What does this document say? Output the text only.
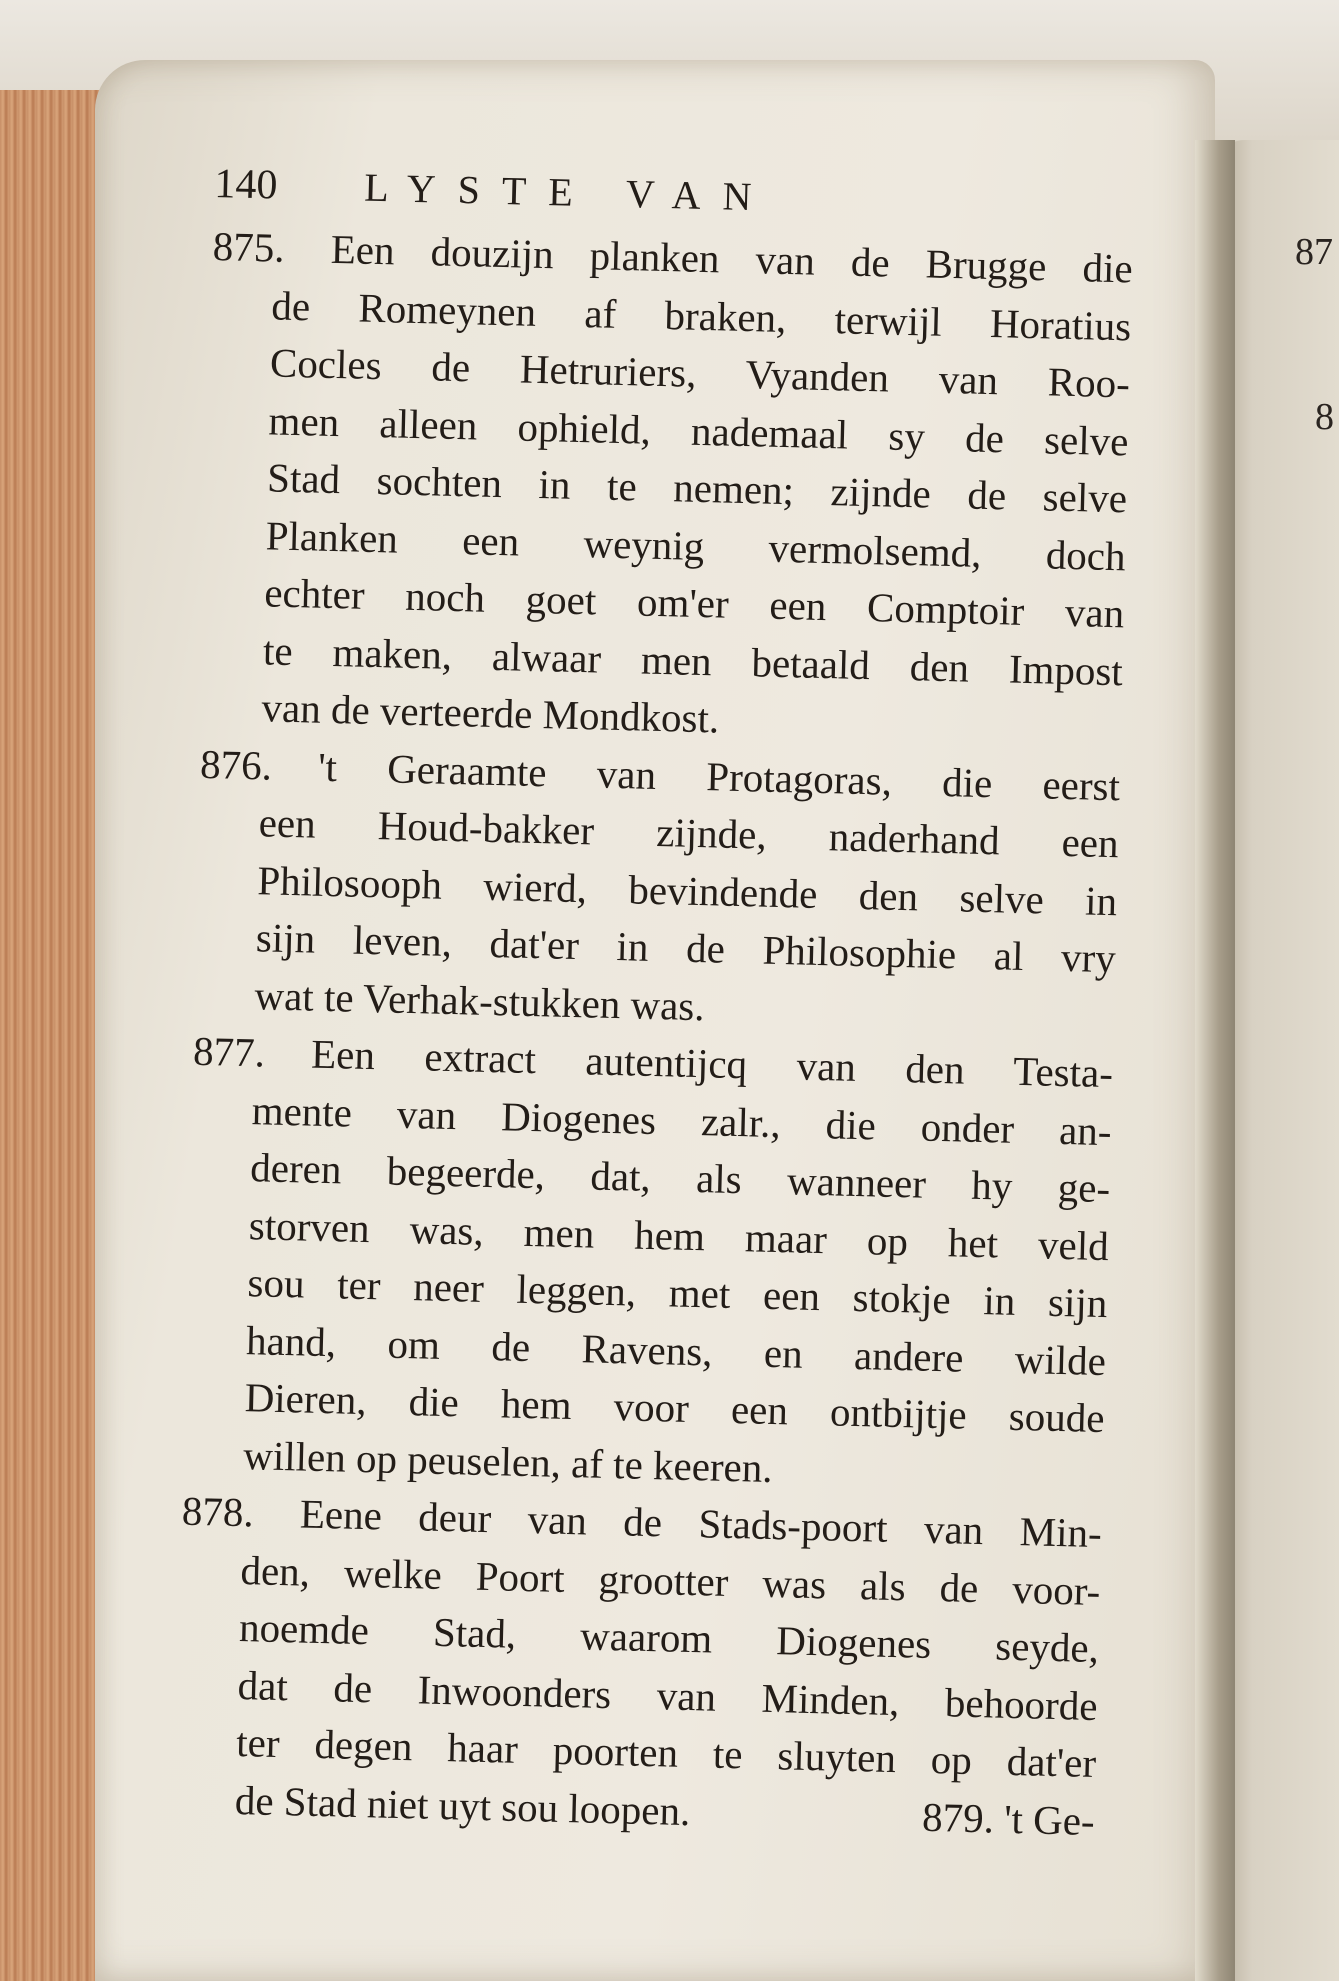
87
8
140	LYSTE VAN
875. Een douzijn planken van de Brugge die
de Romeynen af braken, terwijl Horatius
Cocles de Hetruriers, Vyanden van Roo-
men alleen ophield, nademaal sy de selve
Stad sochten in te nemen; zijnde de selve
Planken een weynig vermolsemd, doch
echter noch goet om'er een Comptoir van
te maken, alwaar men betaald den Impost
van de verteerde Mondkost.
876. 't Geraamte van Protagoras, die eerst
een Houd-bakker zijnde, naderhand een
Philosooph wierd, bevindende den selve in
sijn leven, dat'er in de Philosophie al vry
wat te Verhak-stukken was.
877. Een extract autentijcq van den Testa-
mente van Diogenes zalr., die onder an-
deren begeerde, dat, als wanneer hy ge-
storven was, men hem maar op het veld
sou ter neer leggen, met een stokje in sijn
hand, om de Ravens, en andere wilde
Dieren, die hem voor een ontbijtje soude
willen op peuselen, af te keeren.
878. Eene deur van de Stads-poort van Min-
den, welke Poort grootter was als de voor-
noemde Stad, waarom Diogenes seyde,
dat de Inwoonders van Minden, behoorde
ter degen haar poorten te sluyten op dat'er
de Stad niet uyt sou loopen.	879. 't Ge-
